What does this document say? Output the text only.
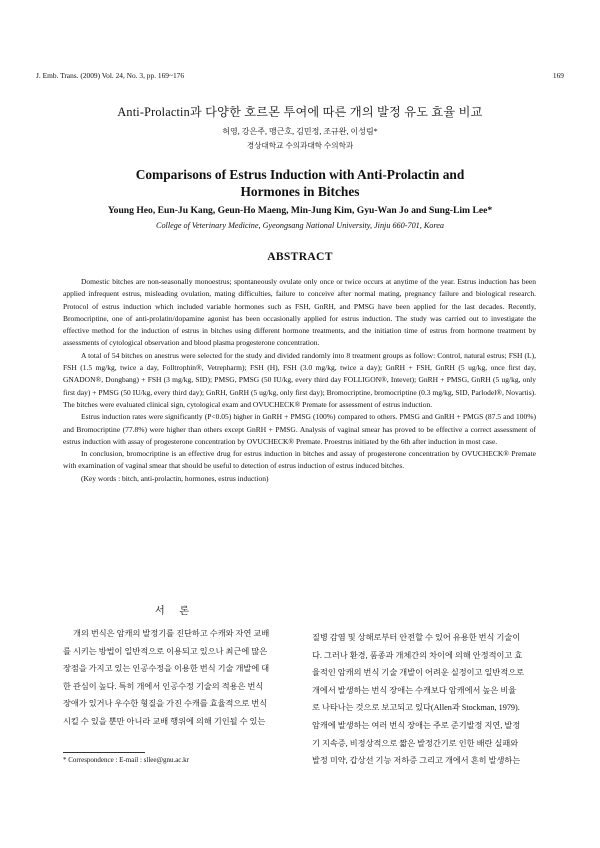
J. Emb. Trans. (2009) Vol. 24, No. 3, pp. 169~176	169
Anti-Prolactin과 다양한 호르몬 투여에 따른 개의 발정 유도 효율 비교
허영, 강은주, 맹근호, 김민정, 조규완, 이성림*
경상대학교 수의과대학 수의학과
Comparisons of Estrus Induction with Anti-Prolactin and
Hormones in Bitches
Young Heo, Eun-Ju Kang, Geun-Ho Maeng, Min-Jung Kim, Gyu-Wan Jo and Sung-Lim Lee*
College of Veterinary Medicine, Gyeongsang National University, Jinju 660-701, Korea
ABSTRACT

Domestic bitches are non-seasonally monoestrus; spontaneously ovulate only once or twice occurs at anytime of the year. Estrus induction has been applied infrequent estrus, misleading ovulation, mating difficulties, failure to conceive after normal mating, pregnancy failure and biological research. Protocol of estrus induction which included variable hormones such as FSH, GnRH, and PMSG have been applied for the last decades. Recently, Bromocriptine, one of anti-prolatin/dopamine agonist has been occasionally applied for estrus induction. The study was carried out to investigate the effective method for the induction of estrus in bitches using different hormone treatments, and the initiation time of estrus from hormone treatment by assessments of cytological observation and blood plasma progesterone concentration.

A total of 54 bitches on anestrus were selected for the study and divided randomly into 8 treatment groups as follow: Control, natural estrus; FSH (L), FSH (1.5 mg/kg, twice a day, Folltrophin®, Vetrepharm); FSH (H), FSH (3.0 mg/kg, twice a day); GnRH + FSH, GnRH (5 ug/kg, once first day, GNADON®, Dongbang) + FSH (3 mg/kg, SID); PMSG, PMSG (50 IU/kg, every third day FOLLIGON®, Intevet); GnRH + PMSG, GnRH (5 ug/kg, only first day) + PMSG (50 IU/kg, every third day); GnRH, GnRH (5 ug/kg, only first day); Bromocriptine, bromocriptine (0.3 mg/kg, SID, Parlodel®, Novartis). The bitches were evaluated clinical sign, cytological exam and OVUCHECK® Premate for assessment of estrus induction.

Estrus induction rates were significantly (P<0.05) higher in GnRH + PMSG (100%) compared to others. PMSG and GnRH + PMGS (87.5 and 100%) and Bromocriptine (77.8%) were higher than others except GnRH + PMSG. Analysis of vaginal smear has proved to be effective a correct assessment of estrus induction with assay of progesterone concentration by OVUCHECK® Premate. Proestrus initiated by the 6th after induction in most case.

In conclusion, bromocriptine is an effective drug for estrus induction in bitches and assay of progesterone concentration by OVUCHECK® Premate with examination of vaginal smear that should be useful to detection of estrus induction of estrus induced bitches.

(Key words : bitch, anti-prolactin, hormones, estrus induction)

서 론
개의 번식은 암캐의 발정기를 진단하고 수캐와 자연 교배
를 시키는 방법이 일반적으로 이용되고 있으나 최근에 많은
장점을 가지고 있는 인공수정을 이용한 번식 기술 개발에 대
한 관심이 높다. 특히 개에서 인공수정 기술의 적용은 번식
장애가 있거나 우수한 형질을 가진 수캐를 효율적으로 번식
시킬 수 있을 뿐만 아니라 교배 행위에 의해 기인될 수 있는
질병 감염 및 상해로부터 안전할 수 있어 유용한 번식 기술이
다. 그러나 환경, 품종과 개체간의 차이에 의해 안정적이고 효
율적인 암캐의 번식 기술 개발이 어려운 실정이고 일반적으로
개에서 발생하는 번식 장애는 수캐보다 암캐에서 높은 비율
로 나타나는 것으로 보고되고 있다(Allen과 Stockman, 1979).
암캐에 발생하는 여러 번식 장애는 주로 준기발정 지연, 발정
기 지속증, 비정상적으로 짧은 발정간기로 인한 배란 실패와
발정 미약, 갑상선 기능 저하증 그리고 개에서 흔히 발생하는
* Correspondence : E-mail : sllee@gnu.ac.kr
